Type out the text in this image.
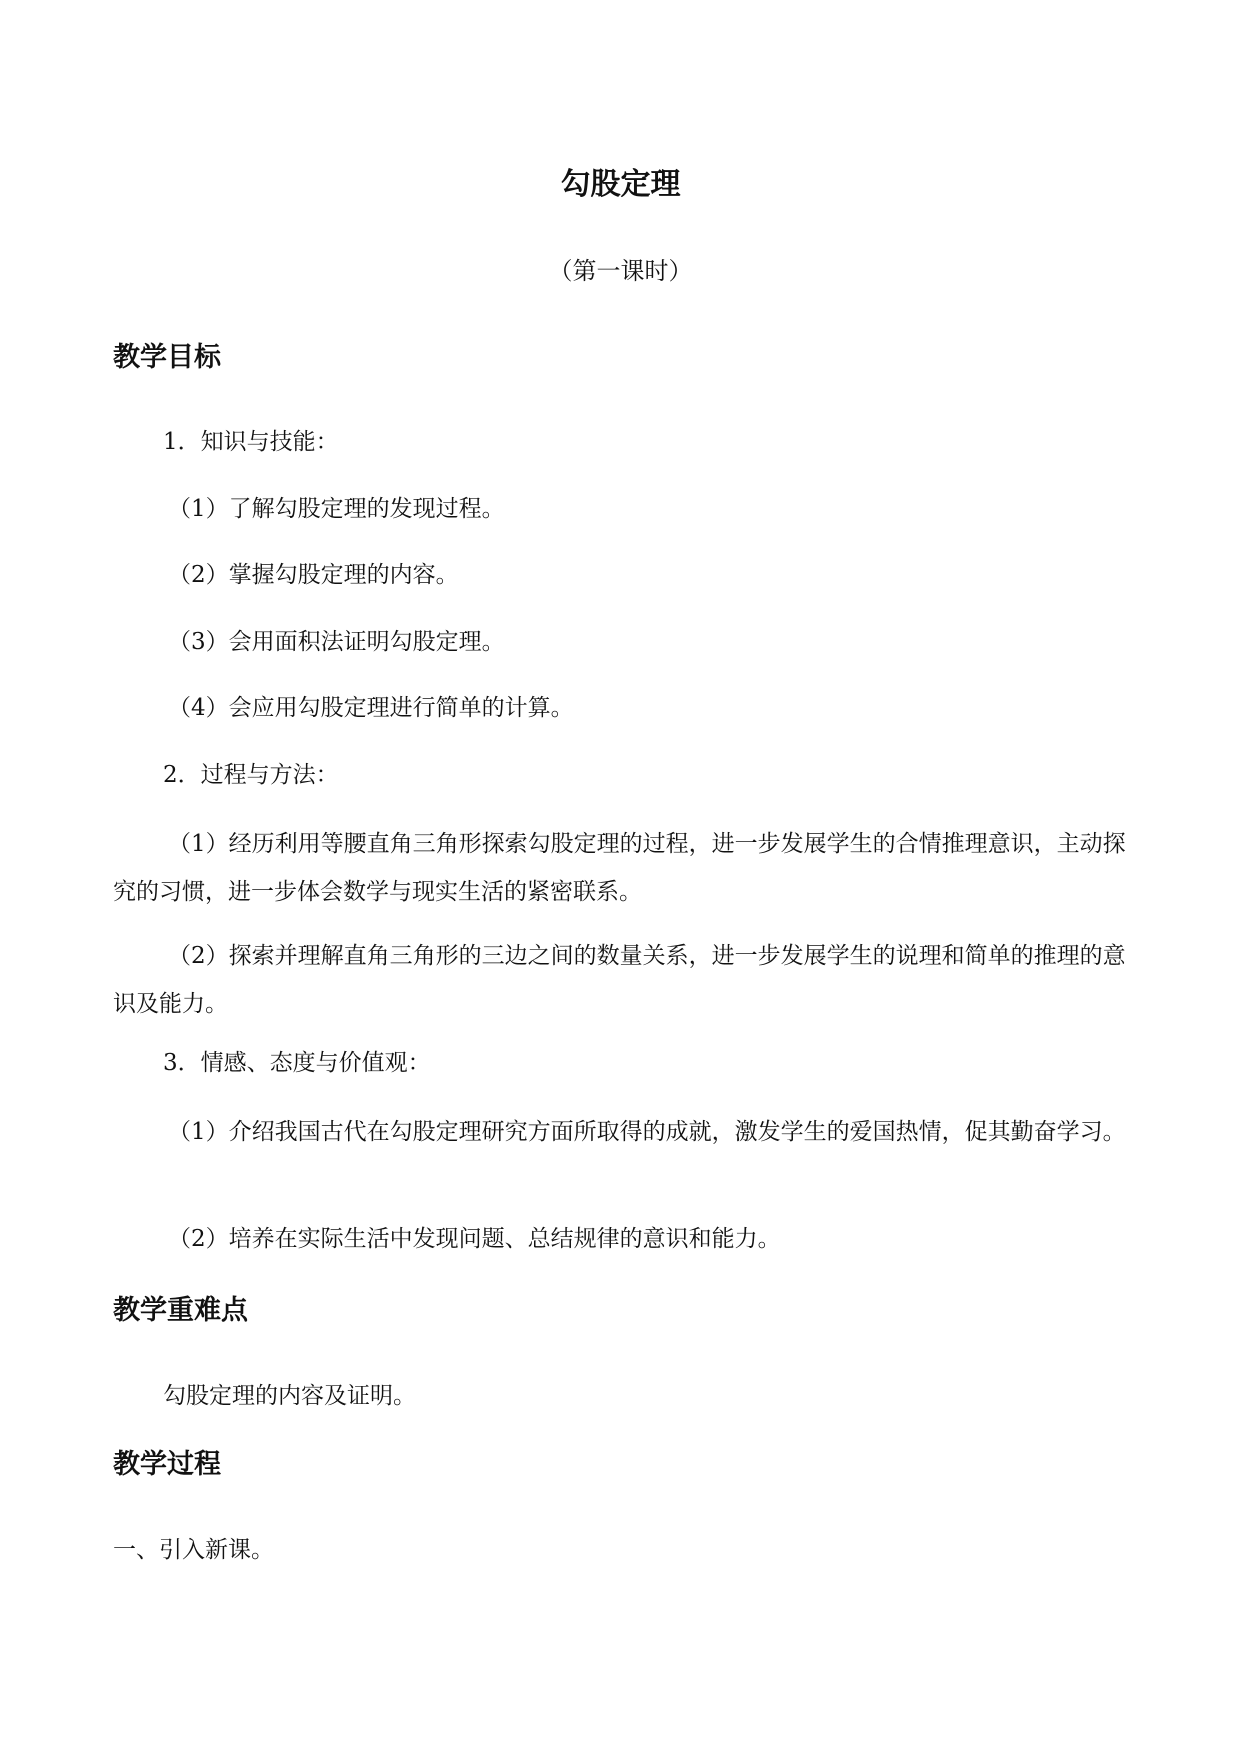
勾股定理
（第一课时）
教学目标
1．知识与技能：
（1）了解勾股定理的发现过程。
（2）掌握勾股定理的内容。
（3）会用面积法证明勾股定理。
（4）会应用勾股定理进行简单的计算。
2．过程与方法：
（1）经历利用等腰直角三角形探索勾股定理的过程，进一步发展学生的合情推理意识，主动探究的习惯，进一步体会数学与现实生活的紧密联系。
（2）探索并理解直角三角形的三边之间的数量关系，进一步发展学生的说理和简单的推理的意识及能力。
3．情感、态度与价值观：
（1）介绍我国古代在勾股定理研究方面所取得的成就，激发学生的爱国热情，促其勤奋学习。
（2）培养在实际生活中发现问题、总结规律的意识和能力。
教学重难点
勾股定理的内容及证明。
教学过程
一、引入新课。
